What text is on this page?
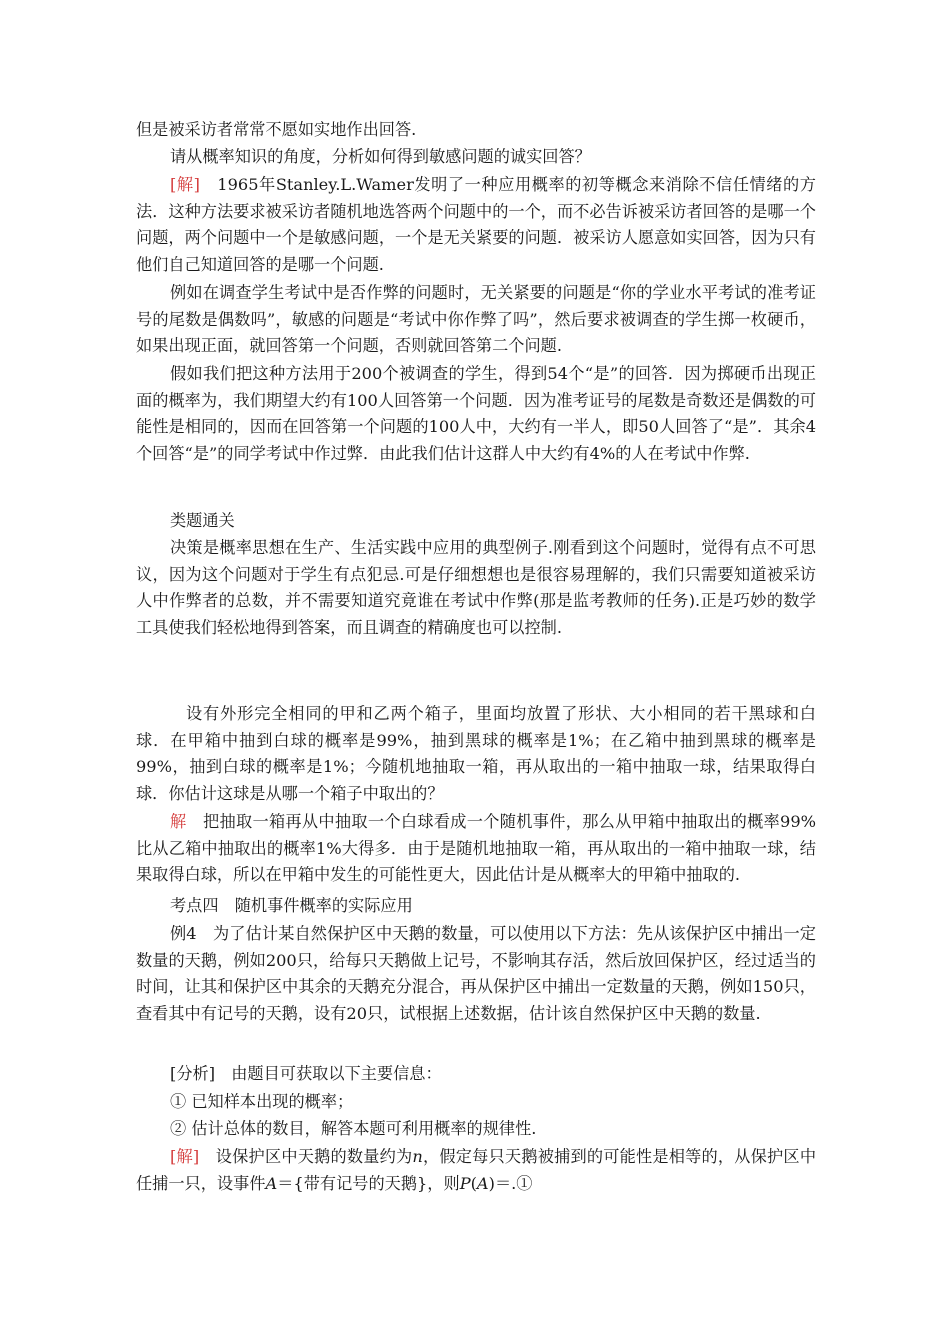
但是被采访者常常不愿如实地作出回答.

请从概率知识的角度，分析如何得到敏感问题的诚实回答？

[解]　 1965年Stanley.L.Wamer发明了一种应用概率的初等概念来消除不信任情绪的方法．这种方法要求被采访者随机地选答两个问题中的一个，而不必告诉被采访者回答的是哪一个问题，两个问题中一个是敏感问题，一个是无关紧要的问题．被采访人愿意如实回答，因为只有他们自己知道回答的是哪一个问题.

例如在调查学生考试中是否作弊的问题时，无关紧要的问题是“你的学业水平考试的准考证号的尾数是偶数吗”，敏感的问题是“考试中你作弊了吗”，然后要求被调查的学生掷一枚硬币，如果出现正面，就回答第一个问题，否则就回答第二个问题.

假如我们把这种方法用于200个被调查的学生，得到54个“是”的回答．因为掷硬币出现正面的概率为，我们期望大约有100人回答第一个问题．因为准考证号的尾数是奇数还是偶数的可能性是相同的，因而在回答第一个问题的100人中，大约有一半人，即50人回答了“是”．其余4个回答“是”的同学考试中作过弊．由此我们估计这群人中大约有4%的人在考试中作弊.

类题通关

决策是概率思想在生产、生活实践中应用的典型例子.刚看到这个问题时，觉得有点不可思议，因为这个问题对于学生有点犯忌.可是仔细想想也是很容易理解的，我们只需要知道被采访人中作弊者的总数，并不需要知道究竟谁在考试中作弊(那是监考教师的任务).正是巧妙的数学工具使我们轻松地得到答案，而且调查的精确度也可以控制.

设有外形完全相同的甲和乙两个箱子，里面均放置了形状、大小相同的若干黑球和白球．在甲箱中抽到白球的概率是99%，抽到黑球的概率是1%；在乙箱中抽到黑球的概率是99%，抽到白球的概率是1%；今随机地抽取一箱，再从取出的一箱中抽取一球，结果取得白球．你估计这球是从哪一个箱子中取出的？

解　 把抽取一箱再从中抽取一个白球看成一个随机事件，那么从甲箱中抽取出的概率99%比从乙箱中抽取出的概率1%大得多．由于是随机地抽取一箱，再从取出的一箱中抽取一球，结果取得白球，所以在甲箱中发生的可能性更大，因此估计是从概率大的甲箱中抽取的.

考点四　随机事件概率的实际应用

例4　为了估计某自然保护区中天鹅的数量，可以使用以下方法：先从该保护区中捕出一定数量的天鹅，例如200只，给每只天鹅做上记号，不影响其存活，然后放回保护区，经过适当的时间，让其和保护区中其余的天鹅充分混合，再从保护区中捕出一定数量的天鹅，例如150只，查看其中有记号的天鹅，设有20只，试根据上述数据，估计该自然保护区中天鹅的数量.

[分析]　 由题目可获取以下主要信息：

① 已知样本出现的概率；

② 估计总体的数目，解答本题可利用概率的规律性.

[解]　 设保护区中天鹅的数量约为n，假定每只天鹅被捕到的可能性是相等的，从保护区中任捕一只，设事件A＝{带有记号的天鹅}，则P(A)＝.①
